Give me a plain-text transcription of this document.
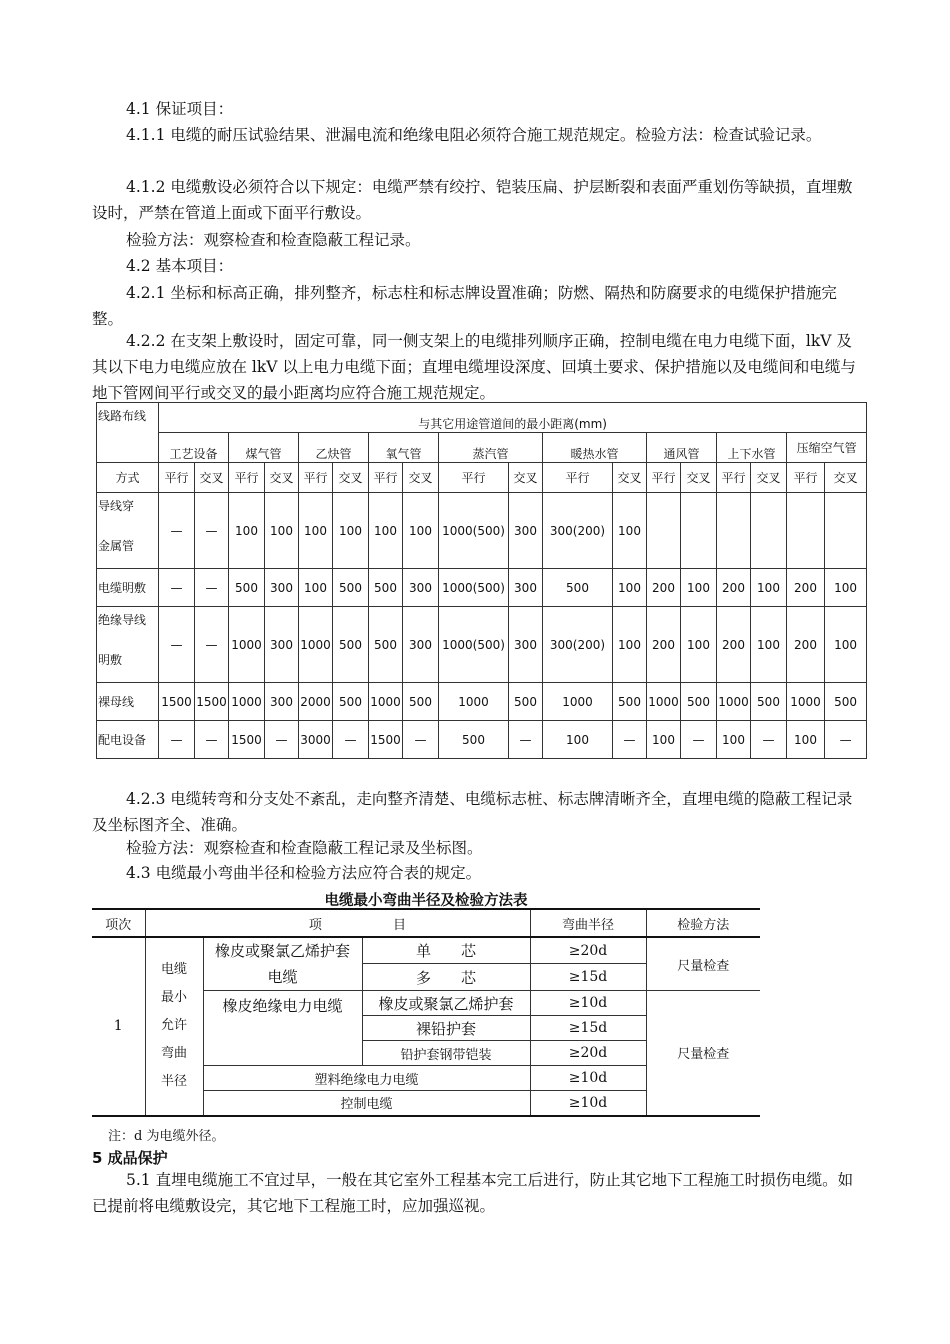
4.1 保证项目：
4.1.1 电缆的耐压试验结果、泄漏电流和绝缘电阻必须符合施工规范规定。检验方法：检查试验记录。
4.1.2 电缆敷设必须符合以下规定：电缆严禁有绞拧、铠装压扁、护层断裂和表面严重划伤等缺损，直埋敷设时，严禁在管道上面或下面平行敷设。
检验方法：观察检查和检查隐蔽工程记录。
4.2 基本项目：
4.2.1 坐标和标高正确，排列整齐，标志柱和标志牌设置准确；防燃、隔热和防腐要求的电缆保护措施完整。
4.2.2 在支架上敷设时，固定可靠，同一侧支架上的电缆排列顺序正确，控制电缆在电力电缆下面，lkV 及其以下电力电缆应放在 lkV 以上电力电缆下面；直埋电缆埋设深度、回填土要求、保护措施以及电缆间和电缆与地下管网间平行或交叉的最小距离均应符合施工规范规定。
线路布线	与其它用途管道间的最小距离(mm)																	
	工艺设备		煤气管		乙炔管		氧气管		蒸汽管		暖热水管		通风管		上下水管		压缩空气管	
方式	平行	交叉	平行	交叉	平行	交叉	平行	交叉	平行	交叉	平行	交叉	平行	交叉	平行	交叉	平行	交叉

导线穿
金属管	—	—	100	100	100	100	100	100	1000(500)	300	300(200)	100						
电缆明敷	—	—	500	300	100	500	500	300	1000(500)	300	500	100	200	100	200	100	200	100

绝缘导线
明敷	—	—	1000	300	1000	500	500	300	1000(500)	300	300(200)	100	200	100	200	100	200	100
裸母线	1500	1500	1000	300	2000	500	1000	500	1000	500	1000	500	1000	500	1000	500	1000	500
配电设备	—	—	1500	—	3000	—	1500	—	500	—	100	—	100	—	100	—	100	—
4.2.3 电缆转弯和分支处不紊乱，走向整齐清楚、电缆标志桩、标志牌清晰齐全，直埋电缆的隐蔽工程记录及坐标图齐全、准确。
检验方法：观察检查和检查隐蔽工程记录及坐标图。
4.3 电缆最小弯曲半径和检验方法应符合表的规定。
电缆最小弯曲半径及检验方法表
项次	项 目			弯曲半径	检验方法
1	电缆
最小
允许
弯曲
半径	橡皮或聚氯乙烯护套电缆	单　　芯	≥20d	尺量检查
			多　　芯	≥15d	
		橡皮绝缘电力电缆	橡皮或聚氯乙烯护套	≥10d	尺量检查
			裸铅护套	≥15d	
			铅护套钢带铠装	≥20d	
		塑料绝缘电力电缆		≥10d	
		控制电缆		≥10d	
注：d 为电缆外径。
5 成品保护
5.1 直埋电缆施工不宜过早，一般在其它室外工程基本完工后进行，防止其它地下工程施工时损伤电缆。如已提前将电缆敷设完，其它地下工程施工时，应加强巡视。
